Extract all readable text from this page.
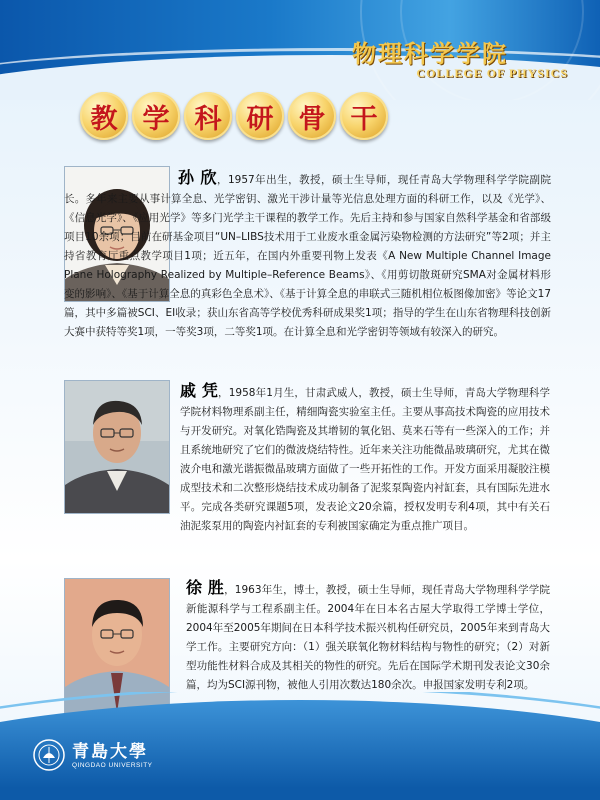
物理科学学院
COLLEGE OF PHYSICS
教 学 科 研 骨 干

孙 欣，1957年出生，教授，硕士生导师，现任青岛大学物理科学学院副院长。多年来主要从事计算全息、光学密钥、激光干涉计量等光信息处理方面的科研工作，以及《光学》、《信息光学》、《应用光学》等多门光学主干课程的教学工作。先后主持和参与国家自然科学基金和省部级项目10余项；目前在研基金项目“UN–LIBS技术用于工业废水重金属污染物检测的方法研究”等2项；并主持省教育厅重点教学项目1项；近五年，在国内外重要刊物上发表《A New Multiple Channel Image Plane Holography Realized by Multiple–Reference Beams》、《用剪切散斑研究SMA对金属材料形变的影响》、《基于计算全息的真彩色全息术》、《基于计算全息的串联式三随机相位板图像加密》等论文17篇，其中多篇被SCI、EI收录；获山东省高等学校优秀科研成果奖1项；指导的学生在山东省物理科技创新大赛中获特等奖1项，一等奖3项，二等奖1项。在计算全息和光学密钥等领域有较深入的研究。

戚 凭，1958年1月生，甘肃武威人，教授，硕士生导师，青岛大学物理科学学院材料物理系副主任，精细陶瓷实验室主任。主要从事高技术陶瓷的应用技术与开发研究。对氧化锆陶瓷及其增韧的氧化铝、莫来石等有一些深入的工作；并且系统地研究了它们的微波烧结特性。近年来关注功能微晶玻璃研究，尤其在微波介电和激光谐振微晶玻璃方面做了一些开拓性的工作。开发方面采用凝胶注模成型技术和二次整形烧结技术成功制备了泥浆泵陶瓷内衬缸套，具有国际先进水平。完成各类研究课题5项，发表论文20余篇，授权发明专利4项，其中有关石油泥浆泵用的陶瓷内衬缸套的专利被国家确定为重点推广项目。

徐 胜，1963年生，博士，教授，硕士生导师，现任青岛大学物理科学学院新能源科学与工程系副主任。2004年在日本名古屋大学取得工学博士学位，2004年至2005年期间在日本科学技术振兴机构任研究员，2005年来到青岛大学工作。主要研究方向：（1）强关联氧化物材料结构与物性的研究；（2）对新型功能性材料合成及其相关的物性的研究。先后在国际学术期刊发表论文30余篇，均为SCI源刊物，被他人引用次数达180余次。申报国家发明专利2项。

青島大學
QINGDAO UNIVERSITY
